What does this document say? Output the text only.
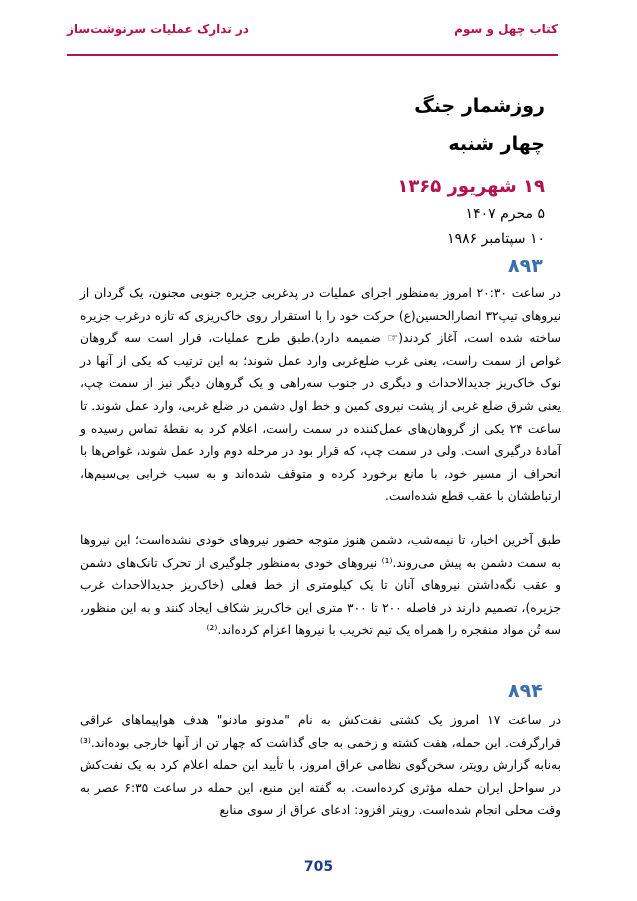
کتاب چهل و سوم
در تدارک عملیات سرنوشت‌ساز
روزشمار جنگ
چهار شنبه
۱۹ شهریور ۱۳۶۵
۵ محرم ۱۴۰۷
۱۰ سپتامبر ۱۹۸۶
۸۹۳
در ساعت ۲۰:۳۰ امروز به‌منظور اجرای عملیات در پدغربی جزیره جنوبی مجنون، یک گردان از نیروهای تیپ۳۲ انصارالحسین(ع) حرکت خود را با استقرار روی خاک‌ریزی که تازه درغرب جزیره ساخته شده است، آغاز کردند(☞ ضمیمه دارد).طبق طرح عملیات، قرار است سه گروهان غواص از سمت راست، یعنی غرب ضلع‌غربی وارد عمل شوند؛ به این ترتیب که یکی از آنها در نوک خاک‌ریز جدیدالاحداث و دیگری در جنوب سه‌راهی و یک گروهان دیگر نیز از سمت چپ، یعنی شرق ضلع غربی از پشت نیروی کمین و خط اول دشمن در ضلع غربی، وارد عمل شوند. تا ساعت ۲۴ یکی از گروهان‌های عمل‌کننده در سمت راست، اعلام کرد به نقطهٔ تماس رسیده و آمادهٔ درگیری است. ولی در سمت چپ، که قرار بود در مرحله دوم وارد عمل شوند، غواص‌ها با انحراف از مسیر خود، با مانع برخورد کرده و متوقف شده‌اند و به سبب خرابی بی‌سیم‌ها، ارتباطشان با عقب قطع شده‌است.
طبق آخرین اخبار، تا نیمه‌شب، دشمن هنوز متوجه حضور نیروهای خودی نشده‌است؛ این نیروها به سمت دشمن به پیش می‌روند.⁽¹⁾ نیروهای خودی به‌منظور جلوگیری از تحرک تانک‌های دشمن و عقب نگه‌داشتن نیروهای آنان تا یک کیلومتری از خط فعلی (خاک‌ریز جدیدالاحداث غرب جزیره)، تصمیم دارند در فاصله ۲۰۰ تا ۳۰۰ متری این خاک‌ریز شکاف ایجاد کنند و به این منظور، سه تُن مواد منفجره را همراه یک تیم تخریب با نیروها اعزام کرده‌اند.⁽²⁾
۸۹۴
در ساعت ۱۷ امروز یک کشتی نفت‌کش به نام "مدونو مادنو" هدف هواپیماهای عراقی قرارگرفت. این حمله، هفت کشته و زخمی به جای گذاشت که چهار تن از آنها خارجی بوده‌اند.⁽³⁾ به‌نابه گزارش رویتر، سخن‌گوی نظامی عراق امروز، با تأیید این حمله اعلام کرد به یک نفت‌کش در سواحل ایران حمله مؤثری کرده‌است. به گفته این منبع، این حمله در ساعت ۶:۳۵ عصر به وقت محلی انجام شده‌است. رویتر افزود: ادعای عراق از سوی منابع
705
